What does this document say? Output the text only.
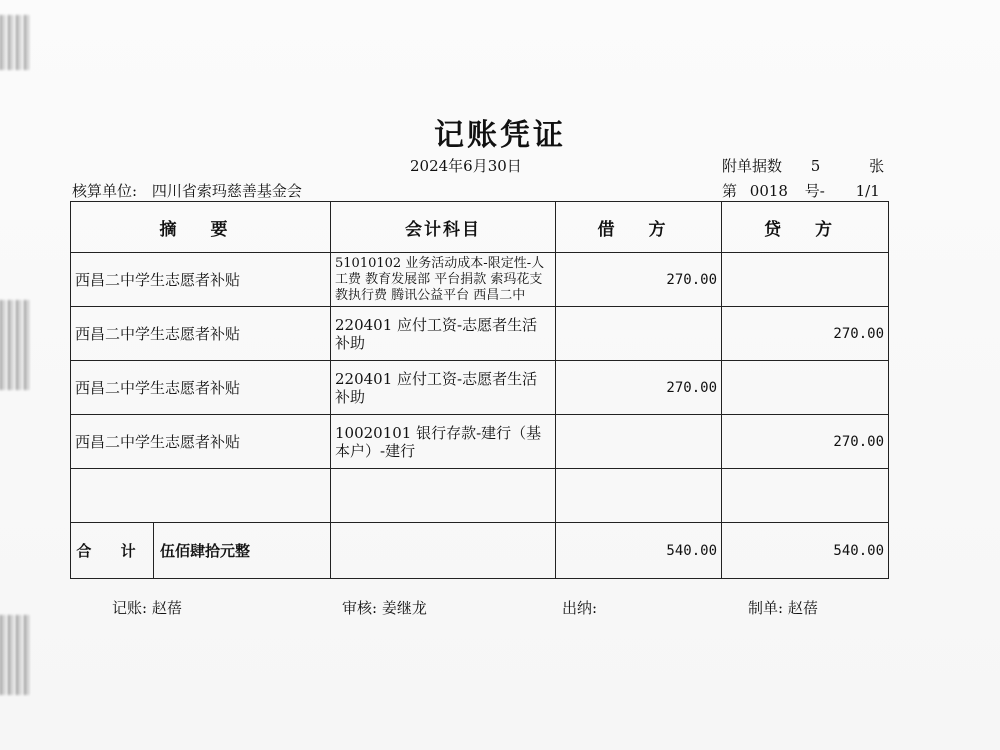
记账凭证
2024年6月30日	附单据数 5	张
核算单位: 四川省索玛慈善基金会	第 0018 号- 1/1
摘 要	会计科目	借 方	贷 方
西昌二中学生志愿者补贴	51010102 业务活动成本-限定性-人工费 教育发展部 平台捐款 索玛花支教执行费 腾讯公益平台 西昌二中	270.00	
西昌二中学生志愿者补贴	220401 应付工资-志愿者生活补助		270.00
西昌二中学生志愿者补贴	220401 应付工资-志愿者生活补助	270.00	
西昌二中学生志愿者补贴	10020101 银行存款-建行（基本户）-建行		270.00

合 计 伍佰肆拾元整		540.00	540.00
记账: 赵蓓	审核: 姜继龙	出纳:	制单: 赵蓓
